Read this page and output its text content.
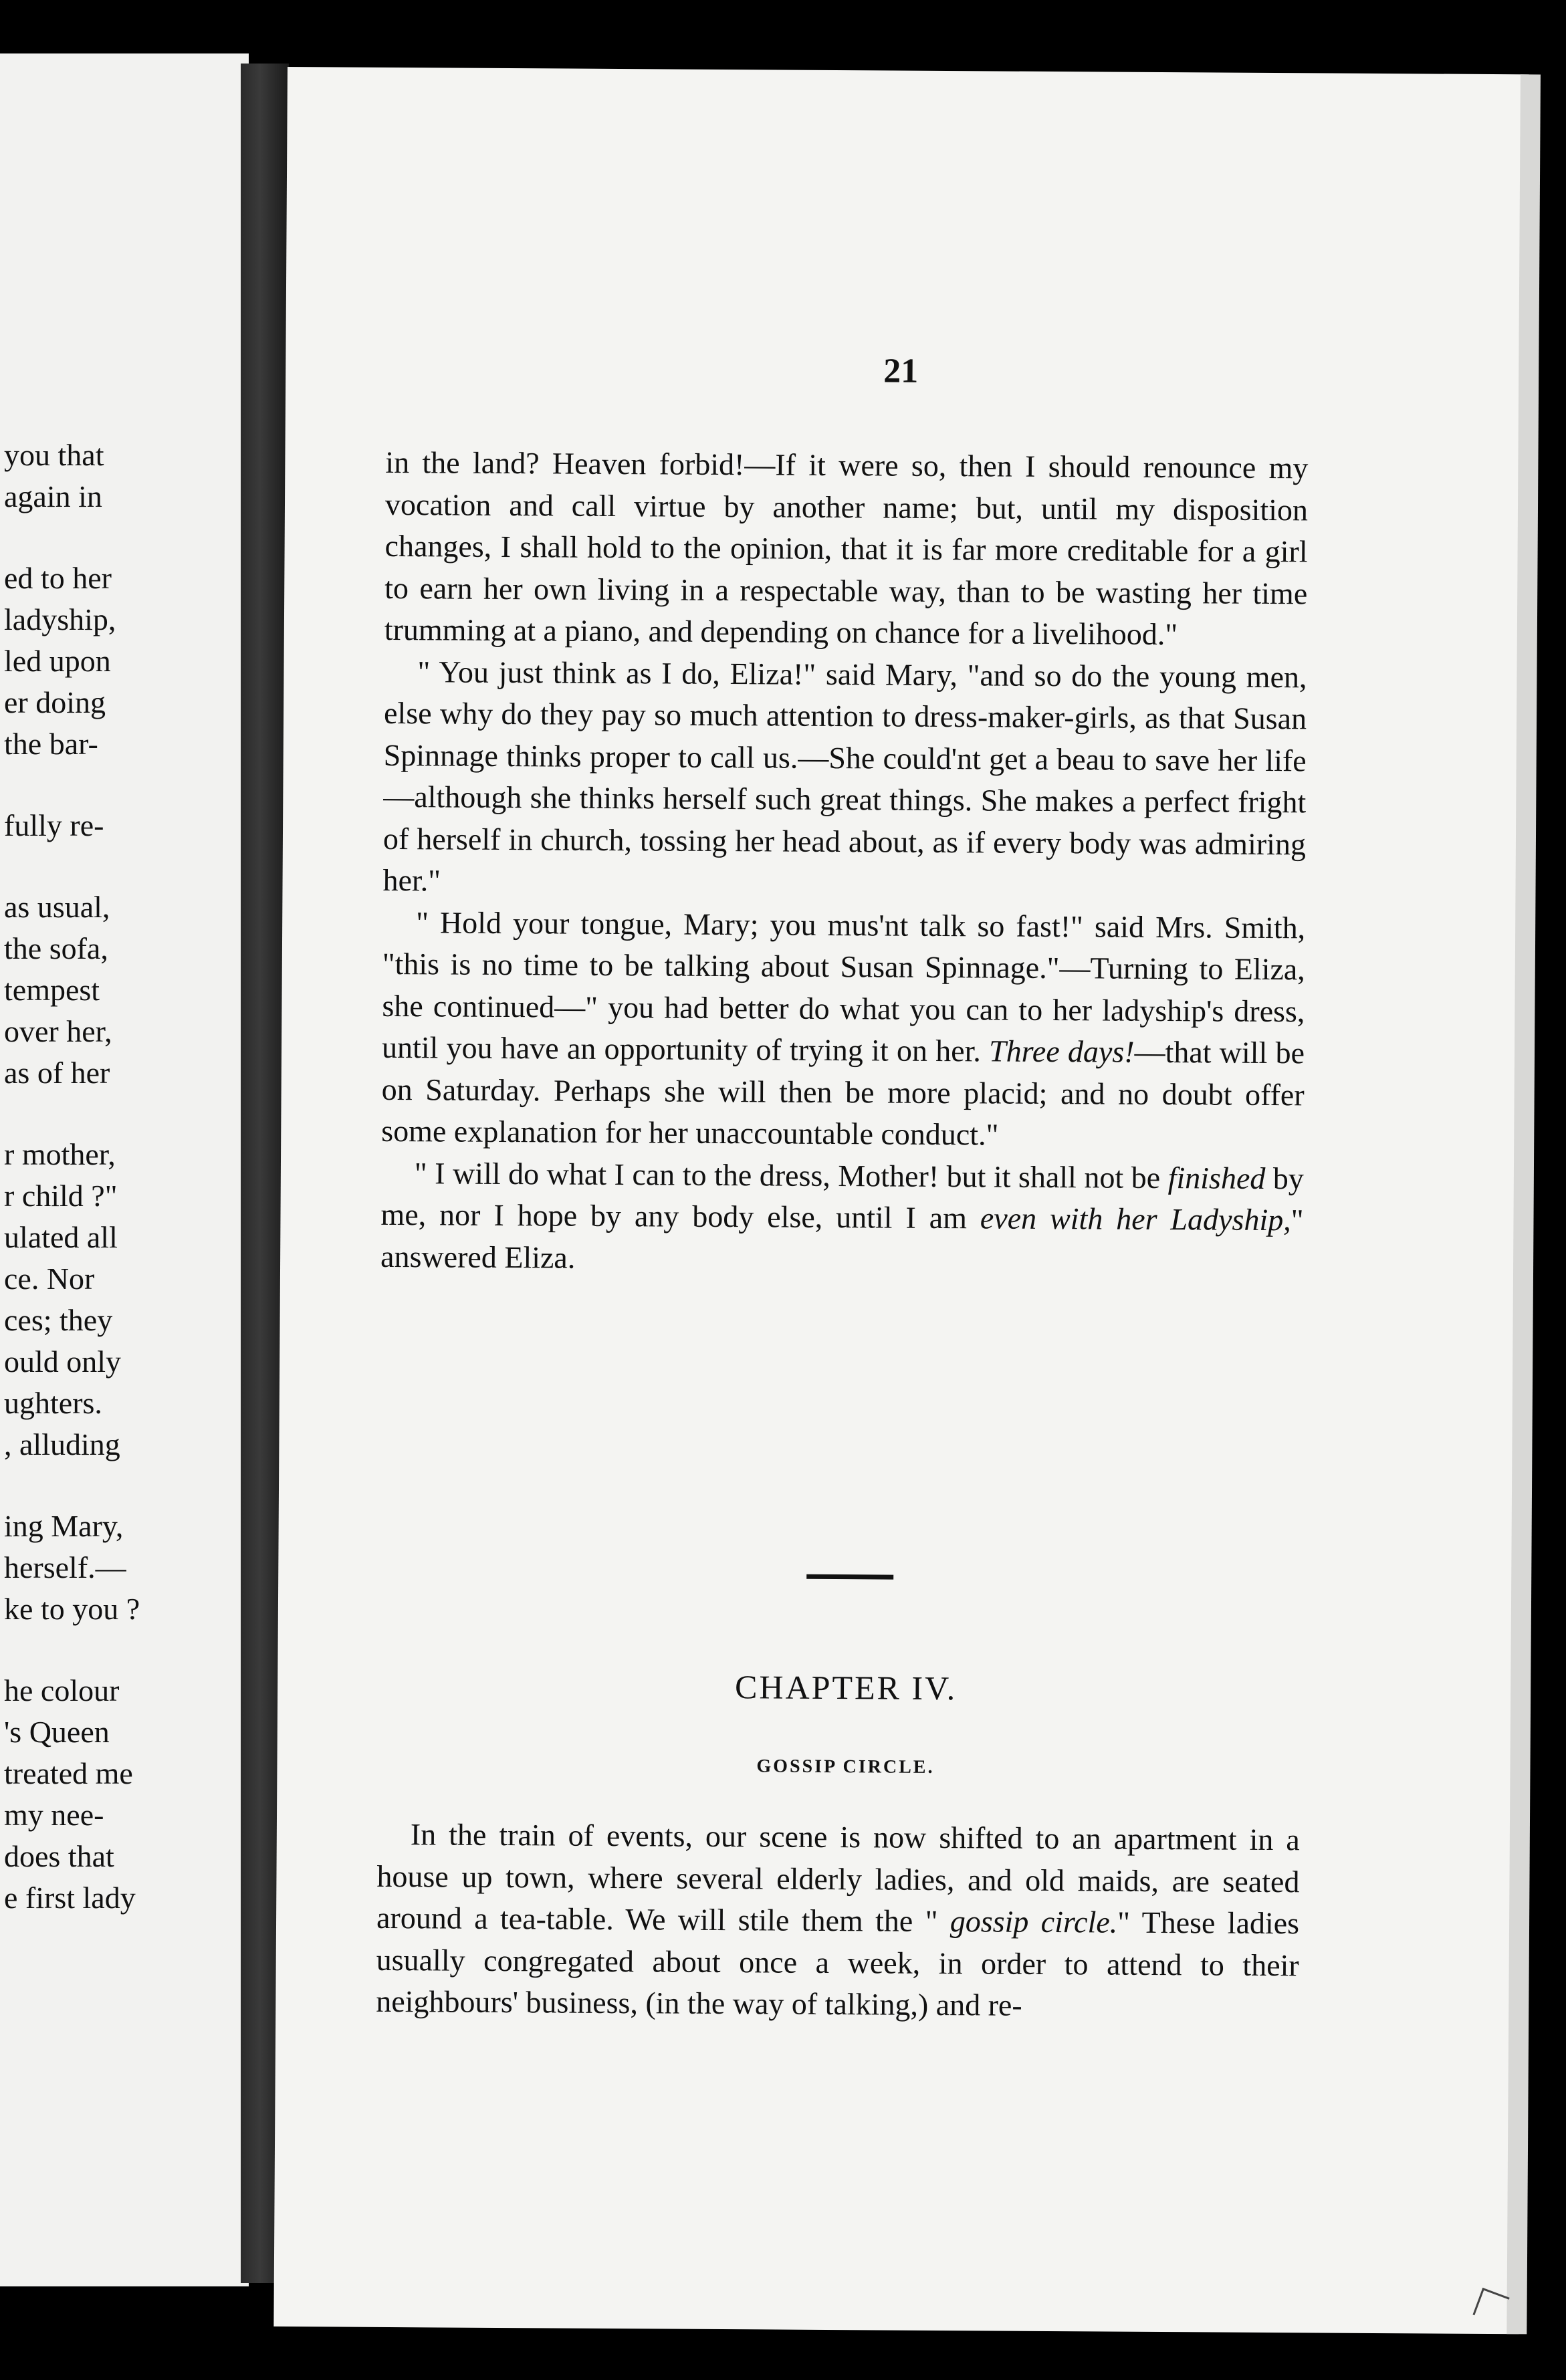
you that
again in
ed to her
ladyship,
led upon
er doing
the bar-
fully re-
as usual,
the sofa,
tempest
over her,
as of her
r mother,
r child ?"
ulated all
ce. Nor
ces; they
ould only
ughters.
, alluding
ing Mary,
herself.—
ke to you ?
he colour
's Queen
treated me
my nee-
does that
e first lady
21

in the land? Heaven forbid!—If it were so, then I should renounce my vocation and call virtue by another name; but, until my disposition changes, I shall hold to the opinion, that it is far more creditable for a girl to earn her own living in a respectable way, than to be wasting her time trumming at a piano, and depending on chance for a livelihood."

" You just think as I do, Eliza!" said Mary, "and so do the young men, else why do they pay so much attention to dress-maker-girls, as that Susan Spinnage thinks proper to call us.—She could'nt get a beau to save her life—although she thinks herself such great things. She makes a perfect fright of herself in church, tossing her head about, as if every body was admiring her."

" Hold your tongue, Mary; you mus'nt talk so fast!" said Mrs. Smith, "this is no time to be talking about Susan Spinnage."—Turning to Eliza, she continued—" you had better do what you can to her ladyship's dress, until you have an opportunity of trying it on her. Three days!—that will be on Saturday. Perhaps she will then be more placid; and no doubt offer some explanation for her unaccountable conduct."

" I will do what I can to the dress, Mother! but it shall not be finished by me, nor I hope by any body else, until I am even with her Ladyship," answered Eliza.

CHAPTER IV.
GOSSIP CIRCLE.

In the train of events, our scene is now shifted to an apartment in a house up town, where several elderly ladies, and old maids, are seated around a tea-table. We will stile them the " gossip circle." These ladies usually congregated about once a week, in order to attend to their neighbours' business, (in the way of talking,) and re-
